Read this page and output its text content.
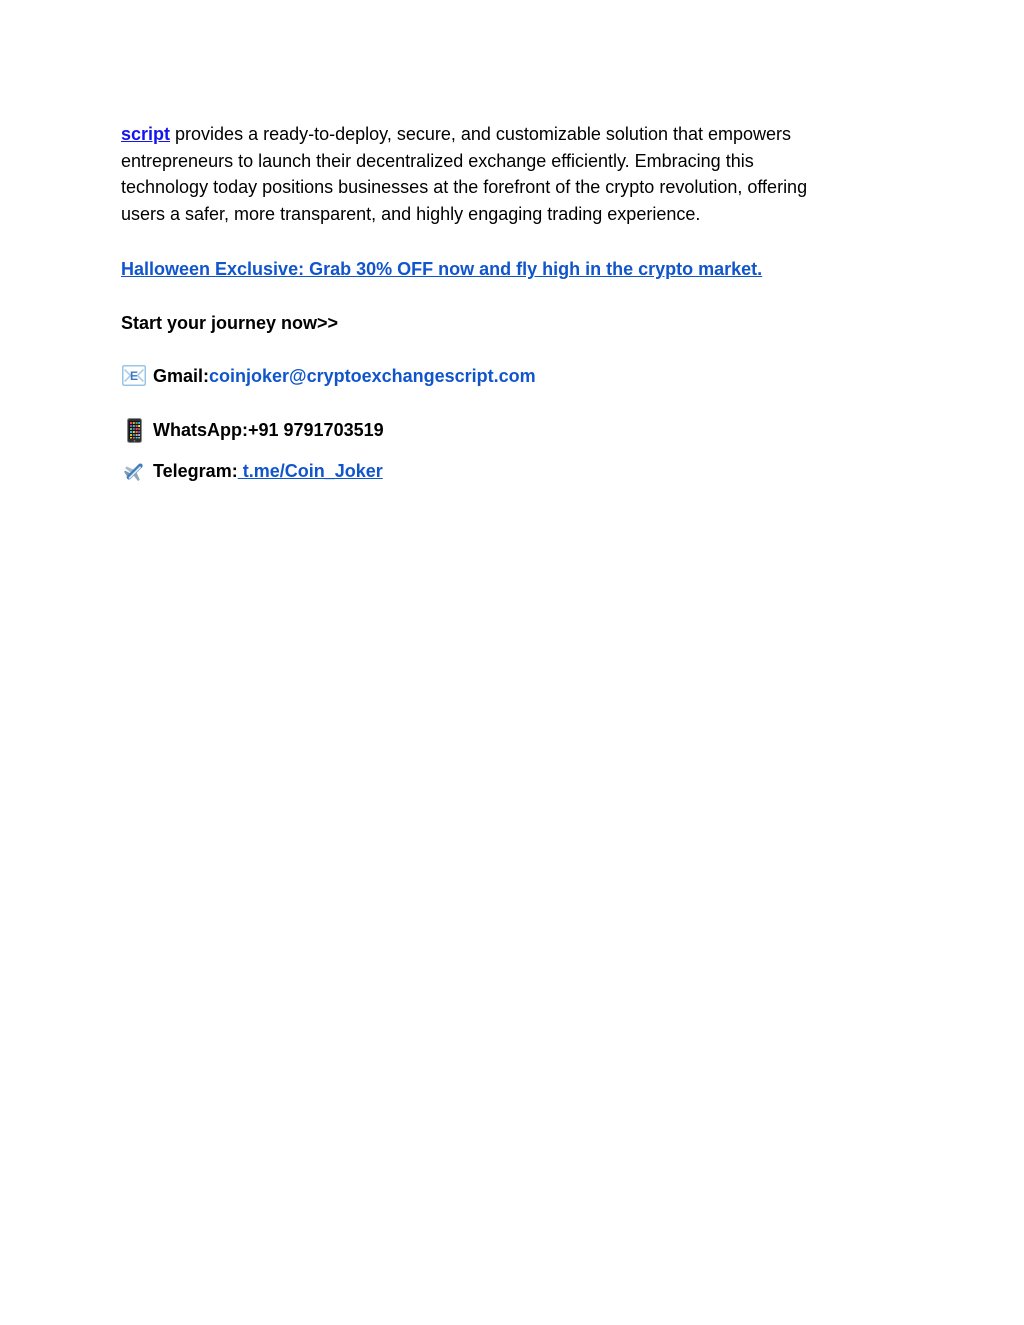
script provides a ready-to-deploy, secure, and customizable solution that empowers
entrepreneurs to launch their decentralized exchange efficiently. Embracing this
technology today positions businesses at the forefront of the crypto revolution, offering
users a safer, more transparent, and highly engaging trading experience.
Halloween Exclusive: Grab 30% OFF now and fly high in the crypto market.
Start your journey now>>
E Gmail: coinjoker@cryptoexchangescript.com
WhatsApp: +91 9791703519
Telegram: t.me/Coin_Joker
